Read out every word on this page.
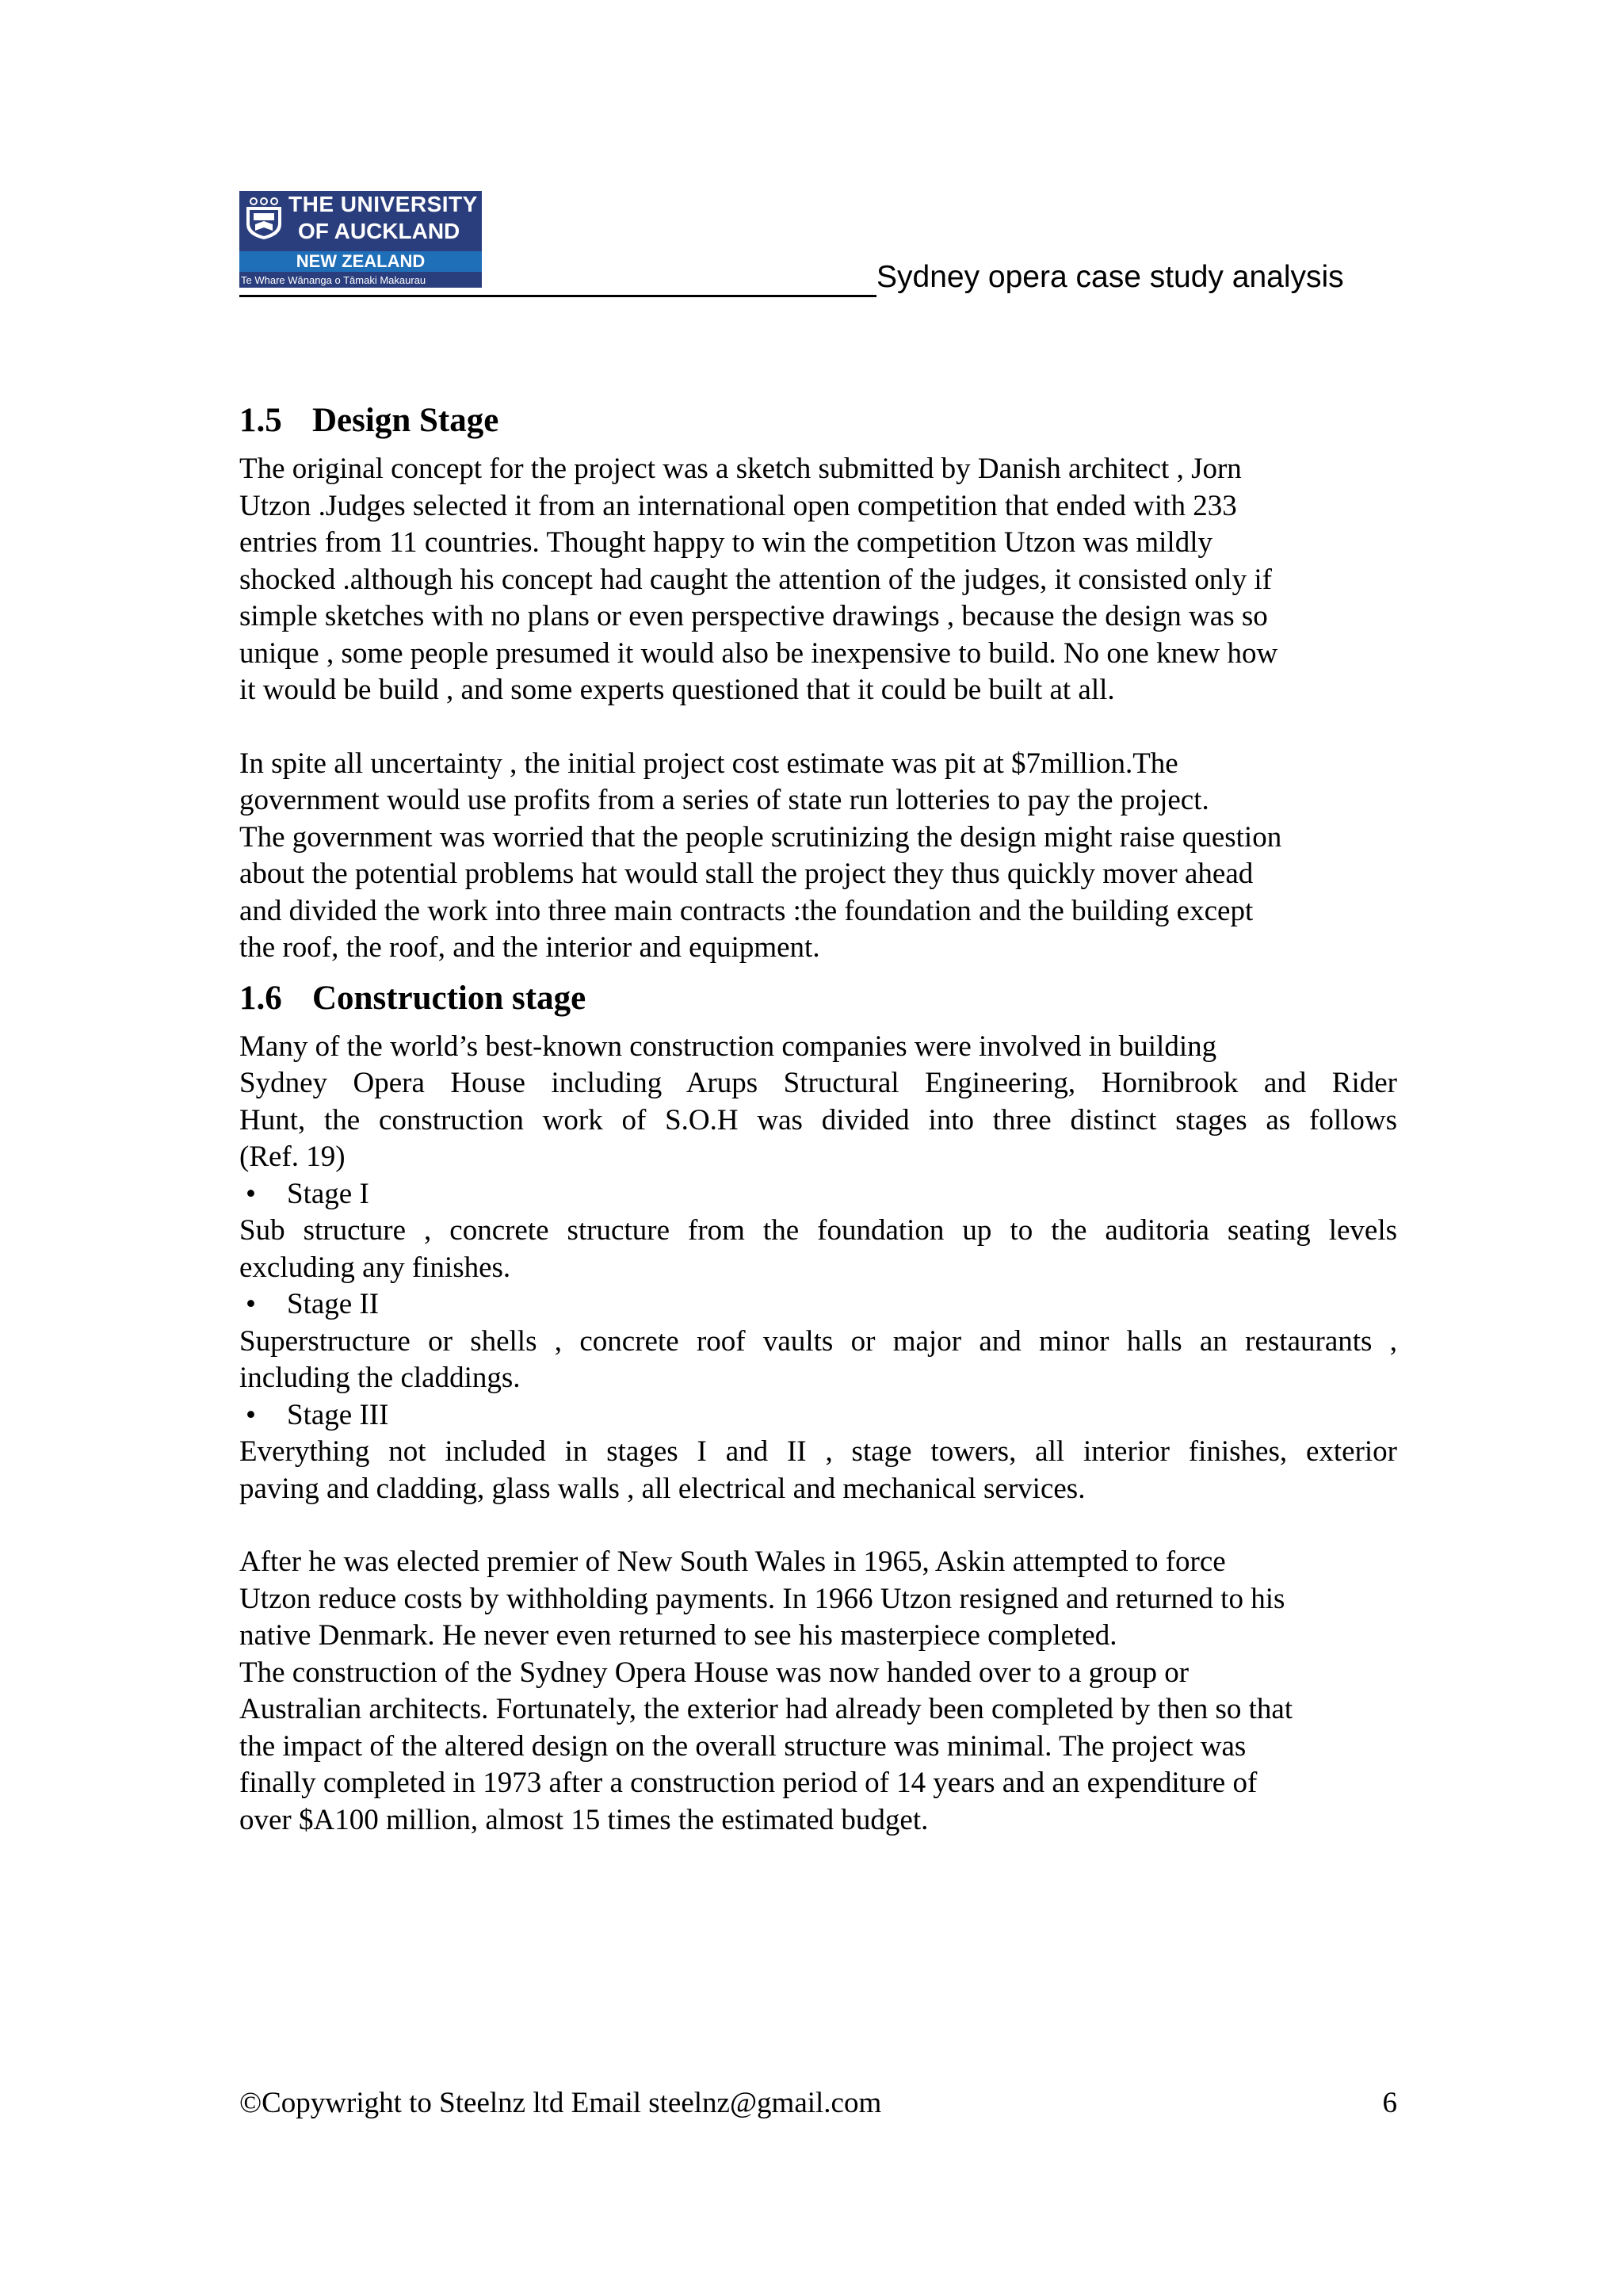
THE UNIVERSITY
OF AUCKLAND
NEW ZEALAND
Te Whare Wānanga o Tāmaki Makaurau	Sydney opera case study analysis
1.5 Design Stage

The original concept for the project was a sketch submitted by Danish architect , Jorn
Utzon .Judges selected it from an international open competition that ended with 233
entries from 11 countries. Thought happy to win the competition Utzon was mildly
shocked .although his concept had caught the attention of the judges, it consisted only if
simple sketches with no plans or even perspective drawings , because the design was so
unique , some people presumed it would also be inexpensive to build. No one knew how
it would be build , and some experts questioned that it could be built at all.

In spite all uncertainty , the initial project cost estimate was pit at $7million.The
government would use profits from a series of state run lotteries to pay the project.
The government was worried that the people scrutinizing the design might raise question
about the potential problems hat would stall the project they thus quickly mover ahead
and divided the work into three main contracts :the foundation and the building except
the roof, the roof, and the interior and equipment.

1.6 Construction stage

Many of the world’s best-known construction companies were involved in building
Sydney Opera House including Arups Structural Engineering, Hornibrook and Rider
Hunt, the construction work of S.O.H was divided into three distinct stages as follows
(Ref. 19)

• Stage I

Sub structure , concrete structure from the foundation up to the auditoria seating levels
excluding any finishes.

• Stage II

Superstructure or shells , concrete roof vaults or major and minor halls an restaurants ,
including the claddings.

• Stage III

Everything not included in stages I and II , stage towers, all interior finishes, exterior
paving and cladding, glass walls , all electrical and mechanical services.

After he was elected premier of New South Wales in 1965, Askin attempted to force
Utzon reduce costs by withholding payments. In 1966 Utzon resigned and returned to his
native Denmark. He never even returned to see his masterpiece completed.
The construction of the Sydney Opera House was now handed over to a group or
Australian architects. Fortunately, the exterior had already been completed by then so that
the impact of the altered design on the overall structure was minimal. The project was
finally completed in 1973 after a construction period of 14 years and an expenditure of
over $A100 million, almost 15 times the estimated budget.

©Copywright to Steelnz ltd Email steelnz@gmail.com	6
